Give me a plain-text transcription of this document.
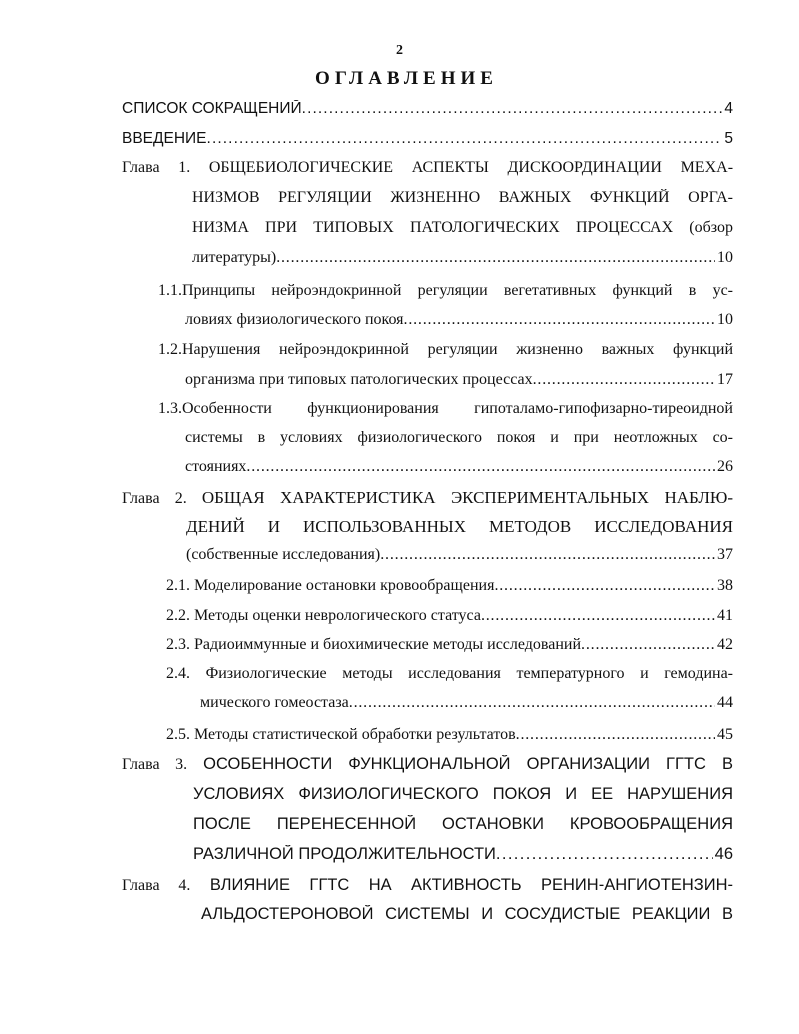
2
ОГЛАВЛЕНИЕ
СПИСОК СОКРАЩЕНИЙ . . .	4
ВВЕДЕНИЕ . . .	5
Глава 1. ОБЩЕБИОЛОГИЧЕСКИЕ АСПЕКТЫ ДИСКООРДИНАЦИИ МЕХА-
НИЗМОВ РЕГУЛЯЦИИ ЖИЗНЕННО ВАЖНЫХ ФУНКЦИЙ ОРГА-
НИЗМА ПРИ ТИПОВЫХ ПАТОЛОГИЧЕСКИХ ПРОЦЕССАХ (обзор
литературы) . . .	10
1.1.Принципы нейроэндокринной регуляции вегетативных функций в ус-
ловиях физиологического покоя . . .	10
1.2.Нарушения нейроэндокринной регуляции жизненно важных функций
организма при типовых патологических процессах . . .	17
1.3.Особенности функционирования гипоталамо-гипофизарно-тиреоидной
системы в условиях физиологического покоя и при неотложных со-
стояниях . . .	26
Глава 2. ОБЩАЯ ХАРАКТЕРИСТИКА ЭКСПЕРИМЕНТАЛЬНЫХ НАБЛЮ-
ДЕНИЙ И ИСПОЛЬЗОВАННЫХ МЕТОДОВ ИССЛЕДОВАНИЯ
(собственные исследования) . . .	37
2.1. Моделирование остановки кровообращения . . .	38
2.2. Методы оценки неврологического статуса . . .	41
2.3. Радиоиммунные и биохимические методы исследований . . .	42
2.4. Физиологические методы исследования температурного и гемодина-
мического гомеостаза . . .	44
2.5. Методы статистической обработки результатов . . .	45
Глава 3. ОСОБЕННОСТИ ФУНКЦИОНАЛЬНОЙ ОРГАНИЗАЦИИ ГГТС В
УСЛОВИЯХ ФИЗИОЛОГИЧЕСКОГО ПОКОЯ И ЕЕ НАРУШЕНИЯ
ПОСЛЕ ПЕРЕНЕСЕННОЙ ОСТАНОВКИ КРОВООБРАЩЕНИЯ
РАЗЛИЧНОЙ ПРОДОЛЖИТЕЛЬНОСТИ . . .	46
Глава 4. ВЛИЯНИЕ ГГТС НА АКТИВНОСТЬ РЕНИН-АНГИОТЕНЗИН-
АЛЬДОСТЕРОНОВОЙ СИСТЕМЫ И СОСУДИСТЫЕ РЕАКЦИИ В
